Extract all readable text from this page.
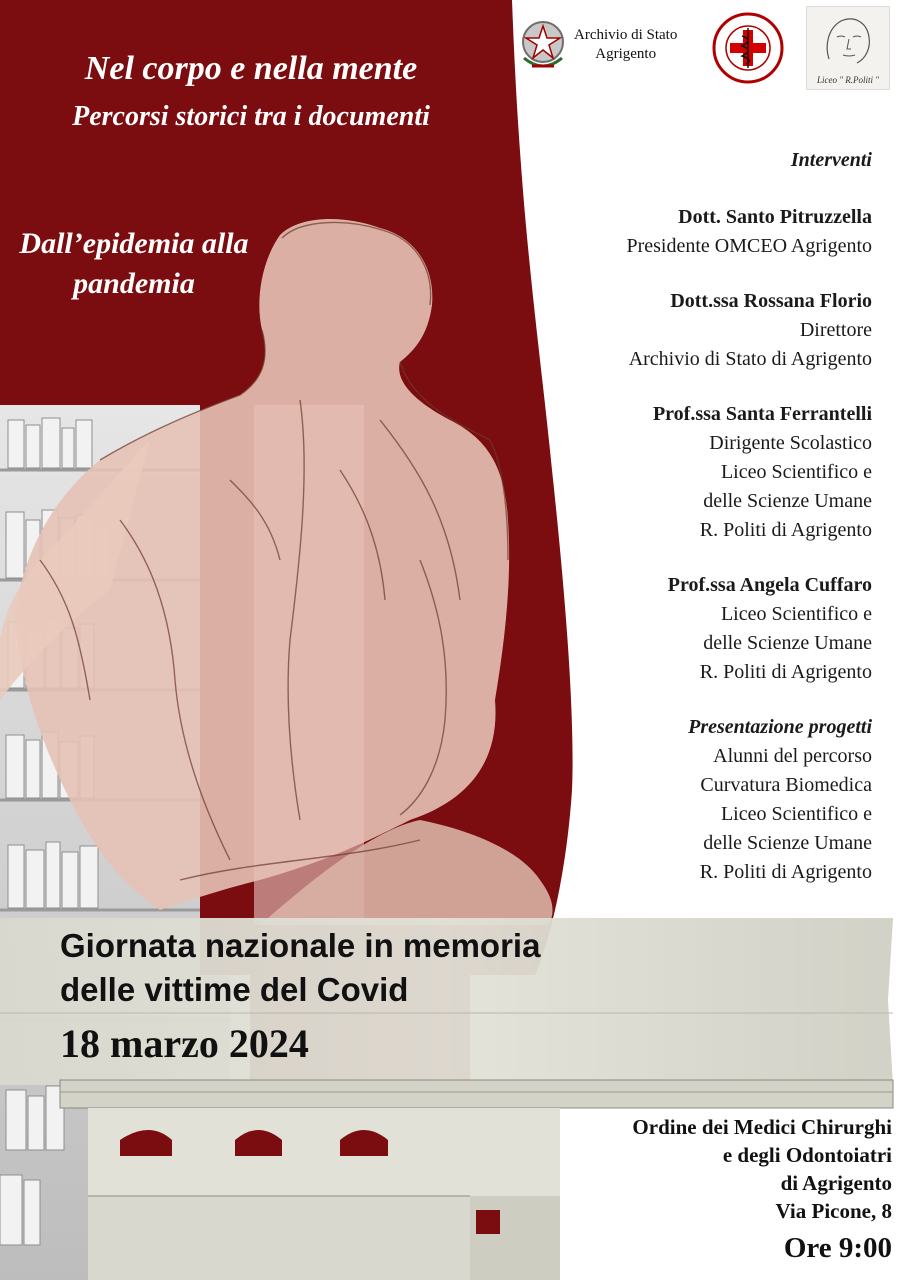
Nel corpo e nella mente
Percorsi storici tra i documenti
Dall’epidemia alla pandemia
Archivio di Stato
Agrigento
Liceo " R.Politi "
Interventi
Dott. Santo Pitruzzella
Presidente OMCEO Agrigento
Dott.ssa Rossana Florio
Direttore
Archivio di Stato di Agrigento
Prof.ssa Santa Ferrantelli
Dirigente Scolastico
Liceo Scientifico e
delle Scienze Umane
R. Politi di Agrigento
Prof.ssa Angela Cuffaro
Liceo Scientifico e
delle Scienze Umane
R. Politi di Agrigento
Presentazione progetti
Alunni del percorso
Curvatura Biomedica
Liceo Scientifico e
delle Scienze Umane
R. Politi di Agrigento
Giornata nazionale in memoria
delle vittime del Covid
18 marzo 2024
Ordine dei Medici Chirurghi
e degli Odontoiatri
di Agrigento
Via Picone, 8
Ore 9:00
